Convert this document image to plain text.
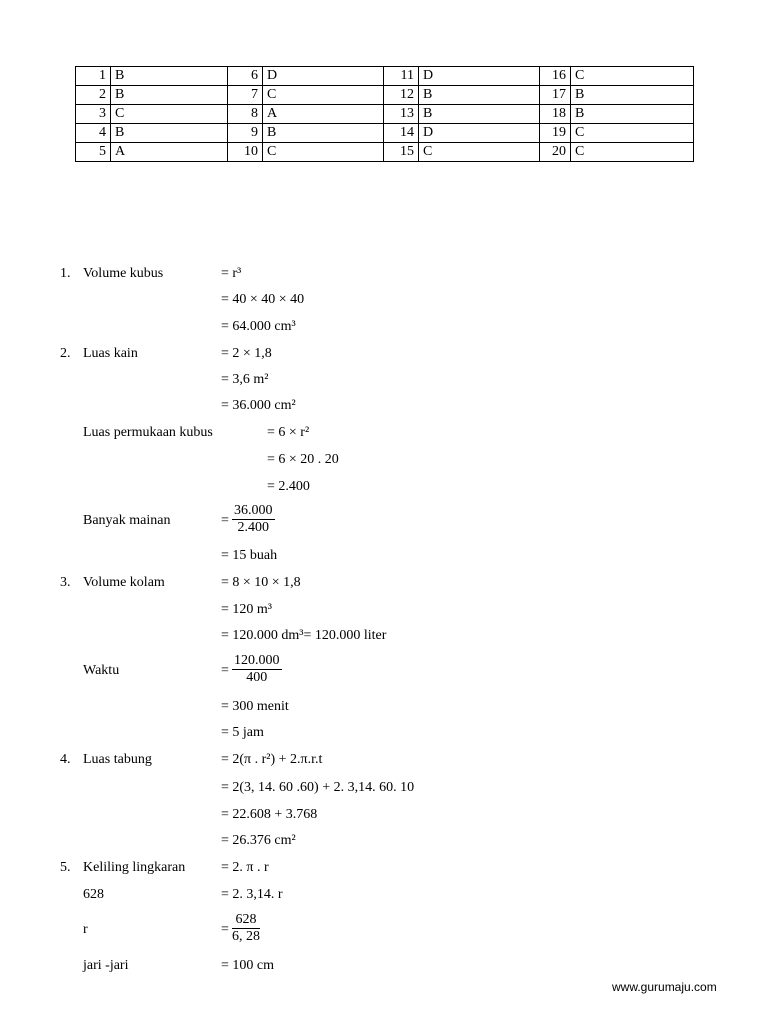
1	B	6	D	11	D	16	C
2	B	7	C	12	B	17	B
3	C	8	A	13	B	18	B
4	B	9	B	14	D	19	C
5	A	10	C	15	C	20	C
1. Volume kubus	= r³
= 40 × 40 × 40
= 64.000 cm³
2. Luas kain	= 2 × 1,8
= 3,6 m²
= 36.000 cm²
Luas permukaan kubus	= 6 × r²
= 6 × 20 . 20
= 2.400
Banyak mainan	= $\frac{36.000}{2.400}$
= 15 buah
3. Volume kolam	= 8 × 10 × 1,8
= 120 m³
= 120.000 dm³= 120.000 liter
Waktu	= $\frac{120.000}{400}$
= 300 menit
= 5 jam
4. Luas tabung	= 2(π . r²) + 2.π.r.t
= 2(3, 14. 60 .60) + 2. 3,14. 60. 10
= 22.608 + 3.768
= 26.376 cm²
5. Keliling lingkaran	= 2. π . r
628	= 2. 3,14. r
r	= $\frac{628}{6, 28}$
jari -jari	= 100 cm
www.gurumaju.com
